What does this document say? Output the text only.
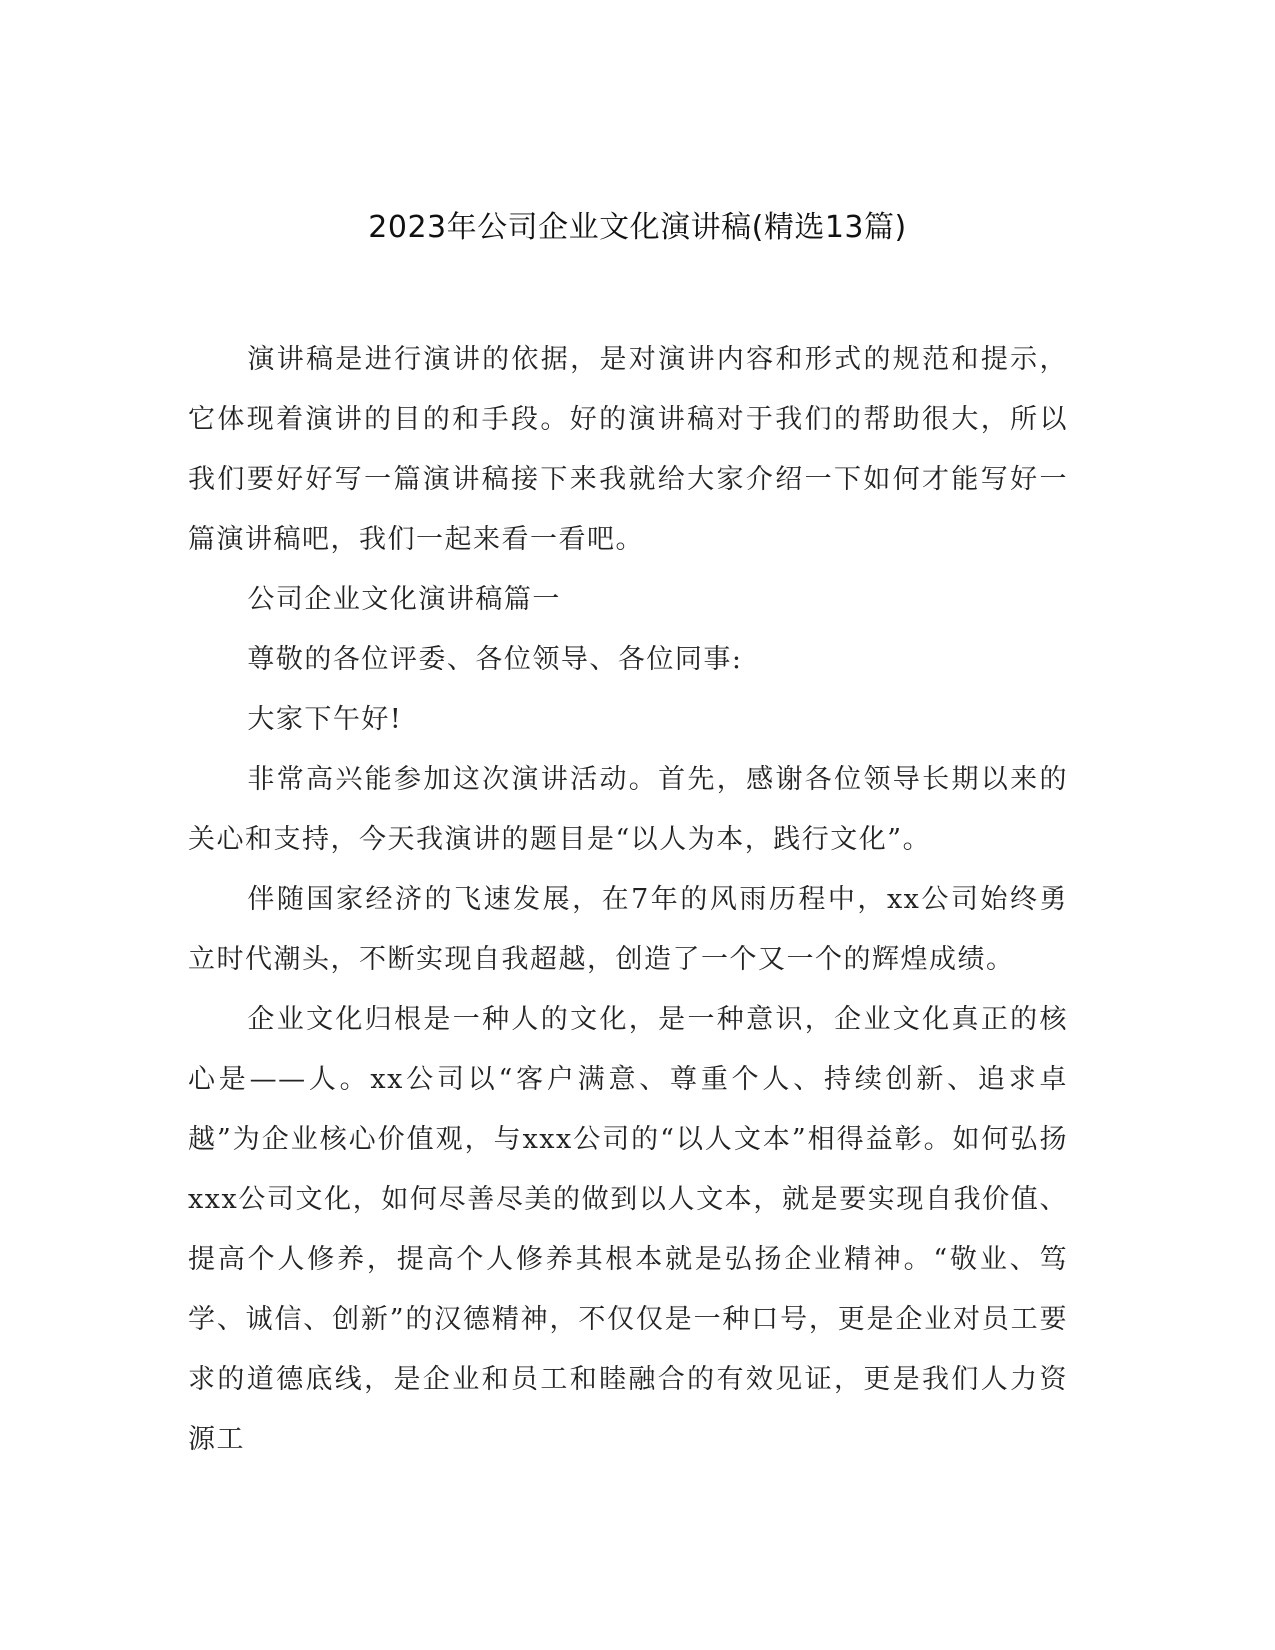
2023年公司企业文化演讲稿(精选13篇)

演讲稿是进行演讲的依据，是对演讲内容和形式的规范和提示，它体现着演讲的目的和手段。好的演讲稿对于我们的帮助很大，所以我们要好好写一篇演讲稿接下来我就给大家介绍一下如何才能写好一篇演讲稿吧，我们一起来看一看吧。

公司企业文化演讲稿篇一

尊敬的各位评委、各位领导、各位同事:

大家下午好!

非常高兴能参加这次演讲活动。首先，感谢各位领导长期以来的关心和支持，今天我演讲的题目是“以人为本，践行文化”。

伴随国家经济的飞速发展，在7年的风雨历程中，xx公司始终勇立时代潮头，不断实现自我超越，创造了一个又一个的辉煌成绩。

企业文化归根是一种人的文化，是一种意识，企业文化真正的核心是——人。xx公司以“客户满意、尊重个人、持续创新、追求卓越”为企业核心价值观，与xxx公司的“以人文本”相得益彰。如何弘扬xxx公司文化，如何尽善尽美的做到以人文本，就是要实现自我价值、提高个人修养，提高个人修养其根本就是弘扬企业精神。“敬业、笃学、诚信、创新”的汉德精神，不仅仅是一种口号，更是企业对员工要求的道德底线，是企业和员工和睦融合的有效见证，更是我们人力资源工
